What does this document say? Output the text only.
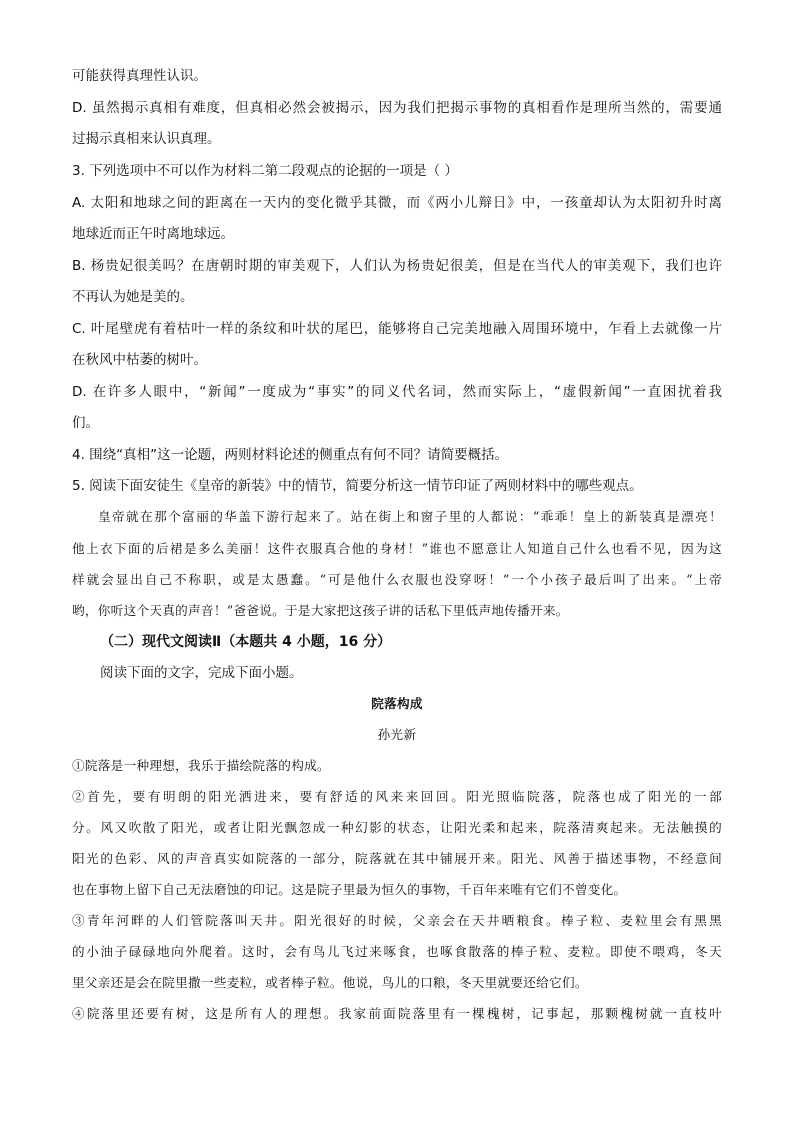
可能获得真理性认识。
D. 虽然揭示真相有难度，但真相必然会被揭示，因为我们把揭示事物的真相看作是理所当然的，需要通
过揭示真相来认识真理。
3. 下列选项中不可以作为材料二第二段观点的论据的一项是（ ）
A. 太阳和地球之间的距离在一天内的变化微乎其微，而《两小儿辩日》中，一孩童却认为太阳初升时离
地球近而正午时离地球远。
B. 杨贵妃很美吗？在唐朝时期的审美观下，人们认为杨贵妃很美，但是在当代人的审美观下，我们也许
不再认为她是美的。
C. 叶尾壁虎有着枯叶一样的条纹和叶状的尾巴，能够将自己完美地融入周围环境中，乍看上去就像一片
在秋风中枯萎的树叶。
D. 在许多人眼中，“新闻”一度成为“事实”的同义代名词，然而实际上，“虚假新闻”一直困扰着我
们。
4. 围绕“真相”这一论题，两则材料论述的侧重点有何不同？请简要概括。
5. 阅读下面安徒生《皇帝的新装》中的情节，简要分析这一情节印证了两则材料中的哪些观点。
皇帝就在那个富丽的华盖下游行起来了。站在街上和窗子里的人都说：“乖乖！皇上的新装真是漂亮！
他上衣下面的后裙是多么美丽！这件衣服真合他的身材！”谁也不愿意让人知道自己什么也看不见，因为这
样就会显出自己不称职，或是太愚蠢。“可是他什么衣服也没穿呀！”一个小孩子最后叫了出来。“上帝
哟，你听这个天真的声音！”爸爸说。于是大家把这孩子讲的话私下里低声地传播开来。
（二）现代文阅读Ⅱ（本题共 4 小题，16 分）
阅读下面的文字，完成下面小题。
院落构成
孙光新
①院落是一种理想，我乐于描绘院落的构成。
②首先，要有明朗的阳光洒进来，要有舒适的风来来回回。阳光照临院落，院落也成了阳光的一部
分。风又吹散了阳光，或者让阳光飘忽成一种幻影的状态，让阳光柔和起来，院落清爽起来。无法触摸的
阳光的色彩、风的声音真实如院落的一部分，院落就在其中铺展开来。阳光、风善于描述事物，不经意间
也在事物上留下自己无法磨蚀的印记。这是院子里最为恒久的事物，千百年来唯有它们不曾变化。
③青年河畔的人们管院落叫天井。阳光很好的时候，父亲会在天井晒粮食。棒子粒、麦粒里会有黑黑
的小油子碌碌地向外爬着。这时，会有鸟儿飞过来啄食，也啄食散落的棒子粒、麦粒。即使不喂鸡，冬天
里父亲还是会在院里撒一些麦粒，或者棒子粒。他说，鸟儿的口粮，冬天里就要还给它们。
④院落里还要有树，这是所有人的理想。我家前面院落里有一棵槐树，记事起，那颗槐树就一直枝叶
